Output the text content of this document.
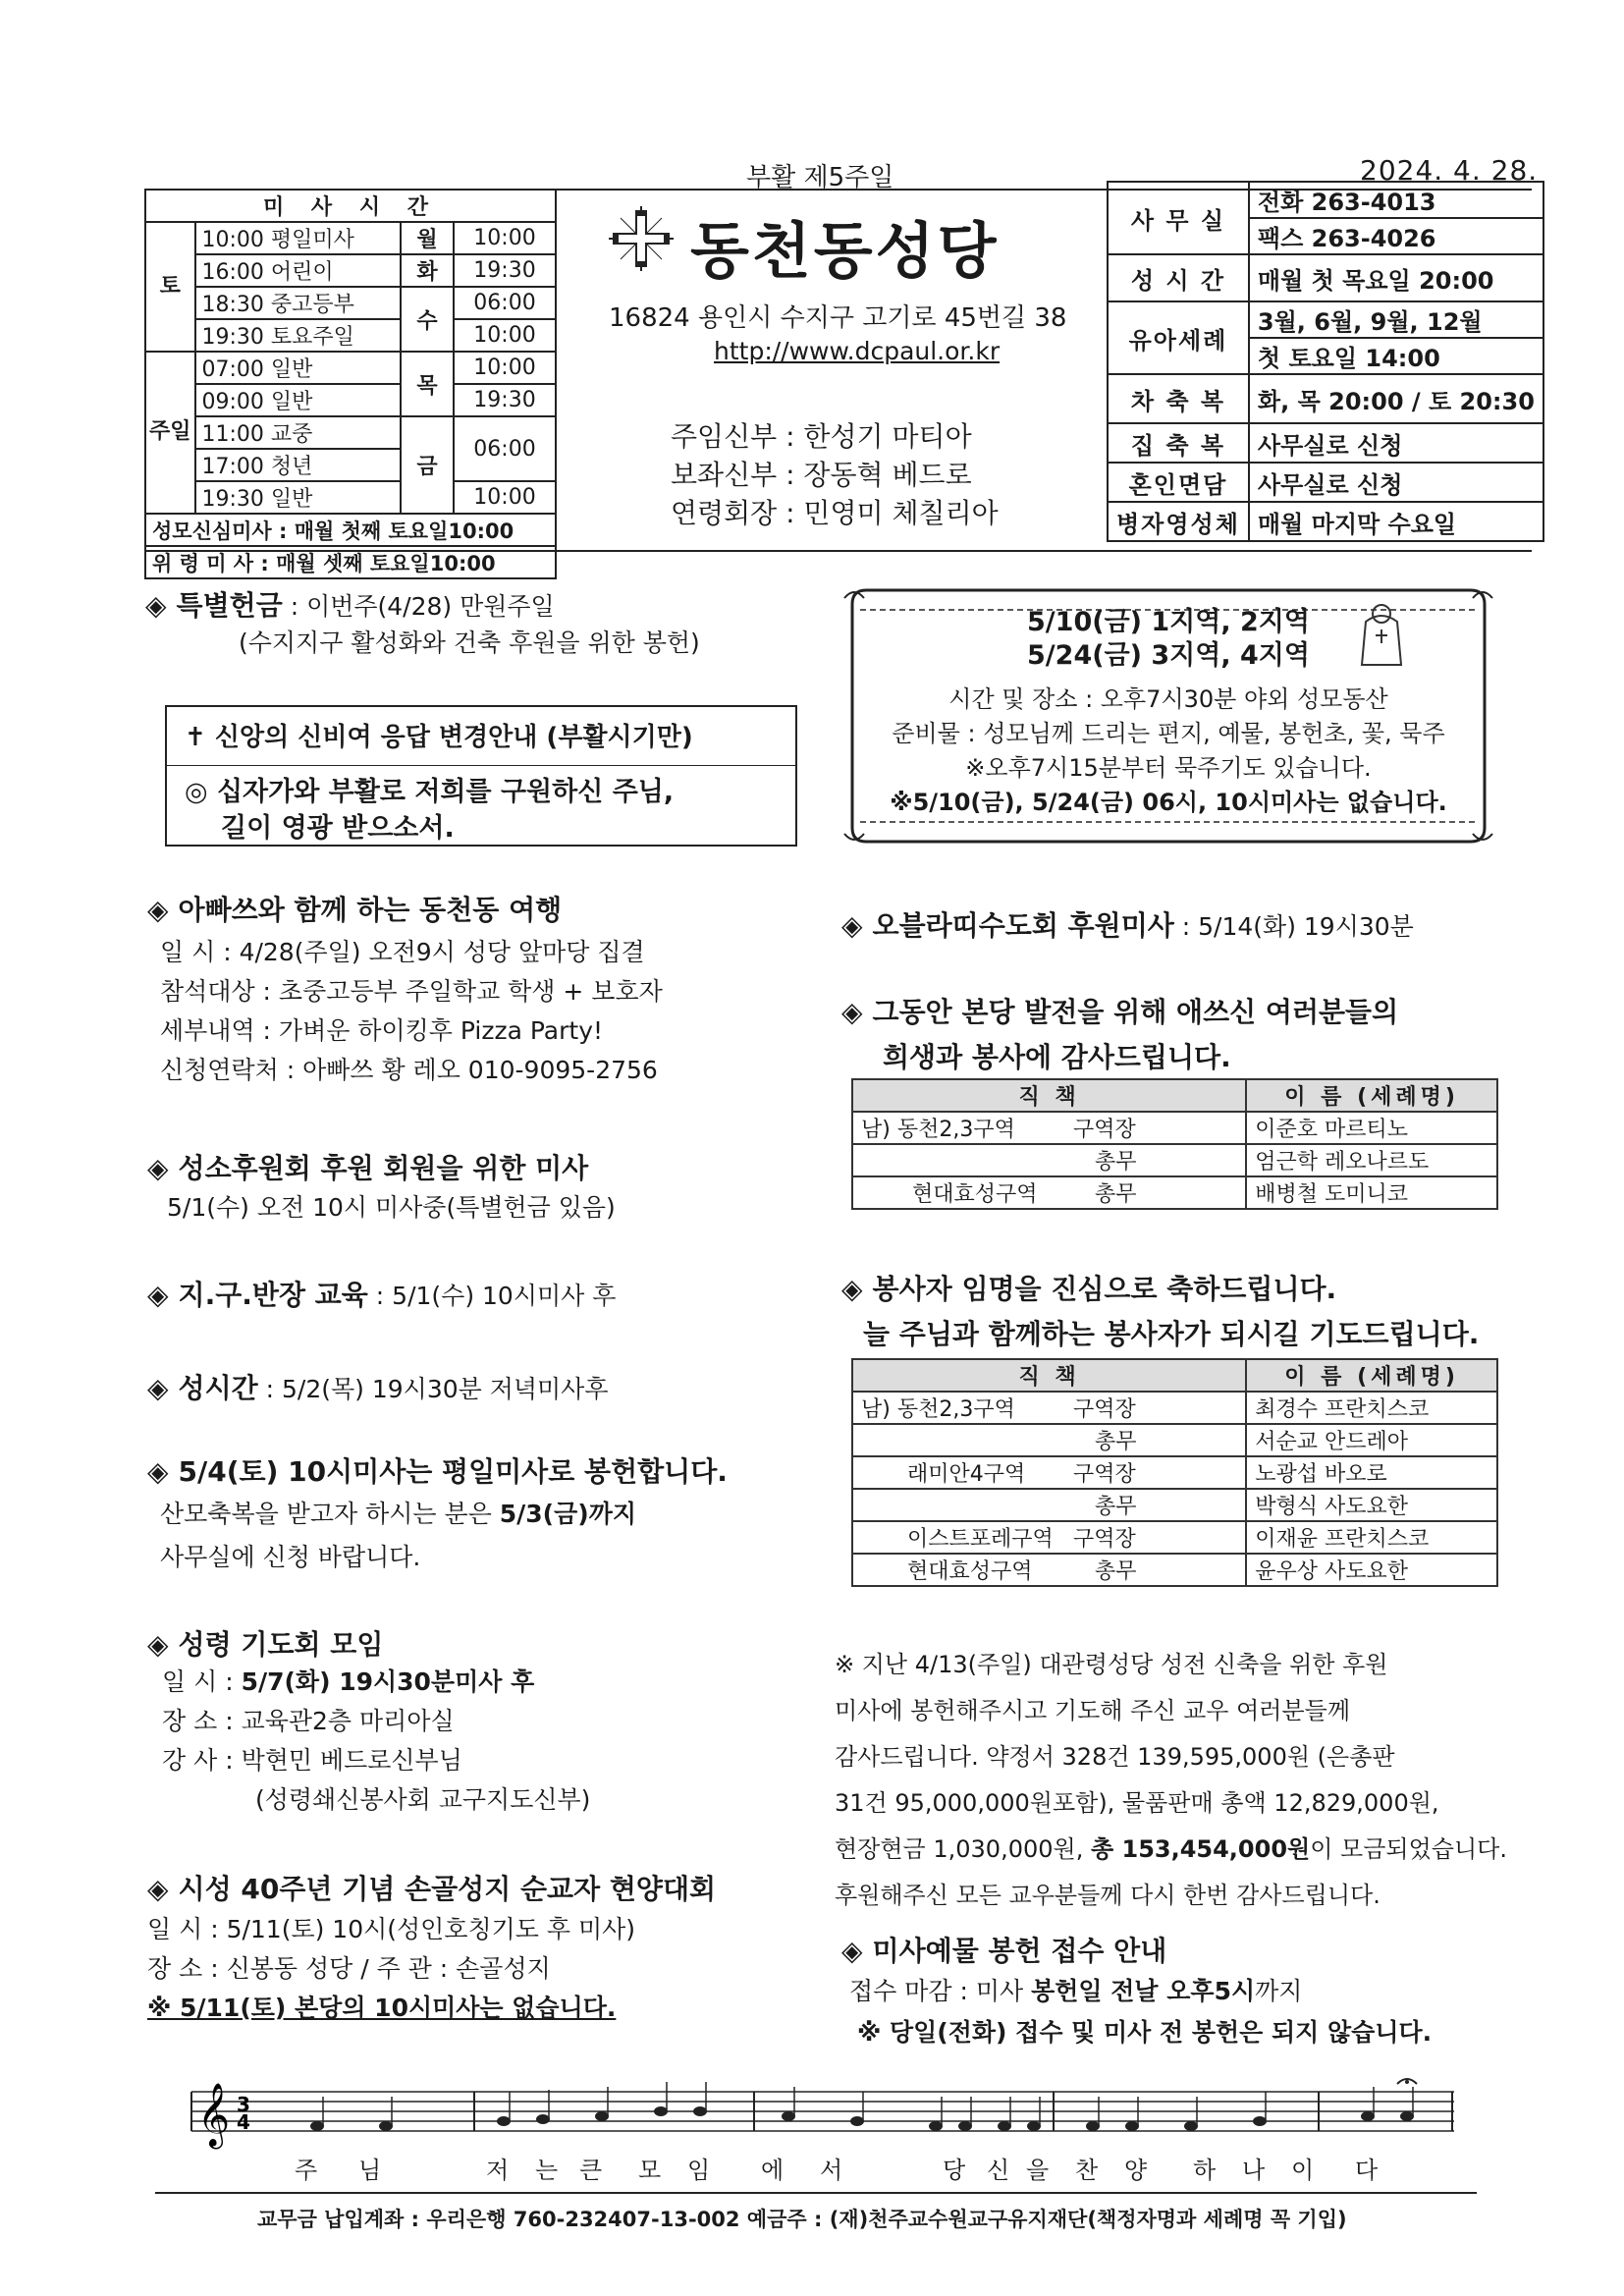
부활 제5주일	2024. 4. 28.
미 사 시 간			
토	10:00 평일미사	월	10:00
	16:00 어린이	화	19:30
	18:30 중고등부	수	06:00
	19:30 토요주일		10:00
주일	07:00 일반	목	10:00
	09:00 일반		19:30
	11:00 교중	금	06:00
	17:00 청년		
	19:30 일반		10:00
성모신심미사 : 매월 첫째 토요일10:00			
위 령 미 사 : 매월 셋째 토요일10:00			
동천동성당
16824 용인시 수지구 고기로 45번길 38
http://www.dcpaul.or.kr
주임신부 : 한성기 마티아
보좌신부 : 장동혁 베드로
연령회장 : 민영미 체칠리아
사 무 실	전화 263-4013
	팩스 263-4026
성 시 간	매월 첫 목요일 20:00
유아세례	3월, 6월, 9월, 12월
	첫 토요일 14:00
차 축 복	화, 목 20:00 / 토 20:30
집 축 복	사무실로 신청
혼인면담	사무실로 신청
병자영성체	매월 마지막 수요일
◈ 특별헌금 : 이번주(4/28) 만원주일
(수지지구 활성화와 건축 후원을 위한 봉헌)
✝ 신앙의 신비여 응답 변경안내 (부활시기만)
◎ 십자가와 부활로 저희를 구원하신 주님,
길이 영광 받으소서.
◈ 아빠쓰와 함께 하는 동천동 여행
일 시 : 4/28(주일) 오전9시 성당 앞마당 집결
참석대상 : 초중고등부 주일학교 학생 + 보호자
세부내역 : 가벼운 하이킹후 Pizza Party!
신청연락처 : 아빠쓰 황 레오 010-9095-2756
◈ 성소후원회 후원 회원을 위한 미사
5/1(수) 오전 10시 미사중(특별헌금 있음)
◈ 지.구.반장 교육 : 5/1(수) 10시미사 후
◈ 성시간 : 5/2(목) 19시30분 저녁미사후
◈ 5/4(토) 10시미사는 평일미사로 봉헌합니다.
산모축복을 받고자 하시는 분은 5/3(금)까지
사무실에 신청 바랍니다.
◈ 성령 기도회 모임
일 시 : 5/7(화) 19시30분미사 후
장 소 : 교육관2층 마리아실
강 사 : 박현민 베드로신부님
(성령쇄신봉사회 교구지도신부)
◈ 시성 40주년 기념 손골성지 순교자 현양대회
일 시 : 5/11(토) 10시(성인호칭기도 후 미사)
장 소 : 신봉동 성당 / 주 관 : 손골성지
※ 5/11(토) 본당의 10시미사는 없습니다.
5/10(금) 1지역, 2지역
5/24(금) 3지역, 4지역
시간 및 장소 : 오후7시30분 야외 성모동산
준비물 : 성모님께 드리는 편지, 예물, 봉헌초, 꽃, 묵주
※오후7시15분부터 묵주기도 있습니다.
※5/10(금), 5/24(금) 06시, 10시미사는 없습니다.
◈ 오블라띠수도회 후원미사 : 5/14(화) 19시30분
◈ 그동안 본당 발전을 위해 애쓰신 여러분들의
희생과 봉사에 감사드립니다.
직 책		이 름 (세례명)
남) 동천2,3구역	구역장	이준호 마르티노
	총무	엄근학 레오나르도
현대효성구역	총무	배병철 도미니코
◈ 봉사자 임명을 진심으로 축하드립니다.
늘 주님과 함께하는 봉사자가 되시길 기도드립니다.
직 책		이 름 (세례명)
남) 동천2,3구역	구역장	최경수 프란치스코
	총무	서순교 안드레아
래미안4구역	구역장	노광섭 바오로
	총무	박형식 사도요한
이스트포레구역	구역장	이재윤 프란치스코
현대효성구역	총무	윤우상 사도요한
※ 지난 4/13(주일) 대관령성당 성전 신축을 위한 후원
미사에 봉헌해주시고 기도해 주신 교우 여러분들께
감사드립니다. 약정서 328건 139,595,000원 (은총판
31건 95,000,000원포함), 물품판매 총액 12,829,000원,
현장현금 1,030,000원, 총 153,454,000원이 모금되었습니다.
후원해주신 모든 교우분들께 다시 한번 감사드립니다.
◈ 미사예물 봉헌 접수 안내
접수 마감 : 미사 봉헌일 전날 오후5시까지
※ 당일(전화) 접수 및 미사 전 봉헌은 되지 않습니다.
𝄞 3
4
주 님	저 는 큰 모 임 에 서	당 신 을 찬 양 하 나 이 다
교무금 납입계좌 : 우리은행 760-232407-13-002 예금주 : (재)천주교수원교구유지재단(책정자명과 세례명 꼭 기입)
